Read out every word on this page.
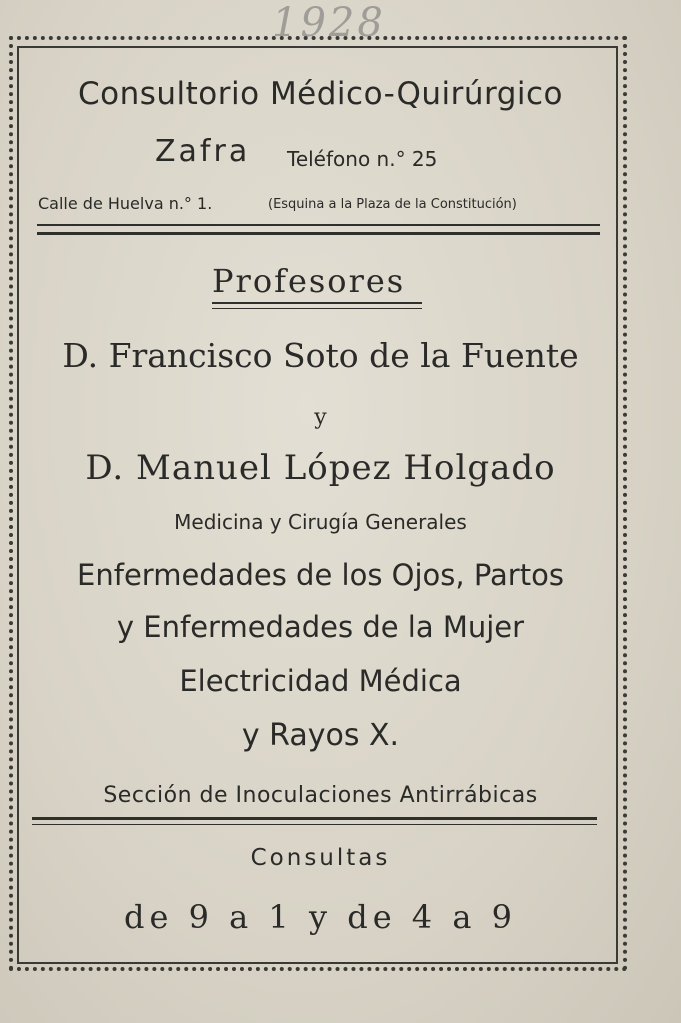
1928
Consultorio Médico-Quirúrgico
Zafra Teléfono n.° 25
Calle de Huelva n.° 1.	(Esquina a la Plaza de la Constitución)
Profesores
D. Francisco Soto de la Fuente
y
D. Manuel López Holgado
Medicina y Cirugía Generales
Enfermedades de los Ojos, Partos
y Enfermedades de la Mujer
Electricidad Médica
y Rayos X.
Sección de Inoculaciones Antirrábicas
Consultas
de 9 a 1 y de 4 a 9
